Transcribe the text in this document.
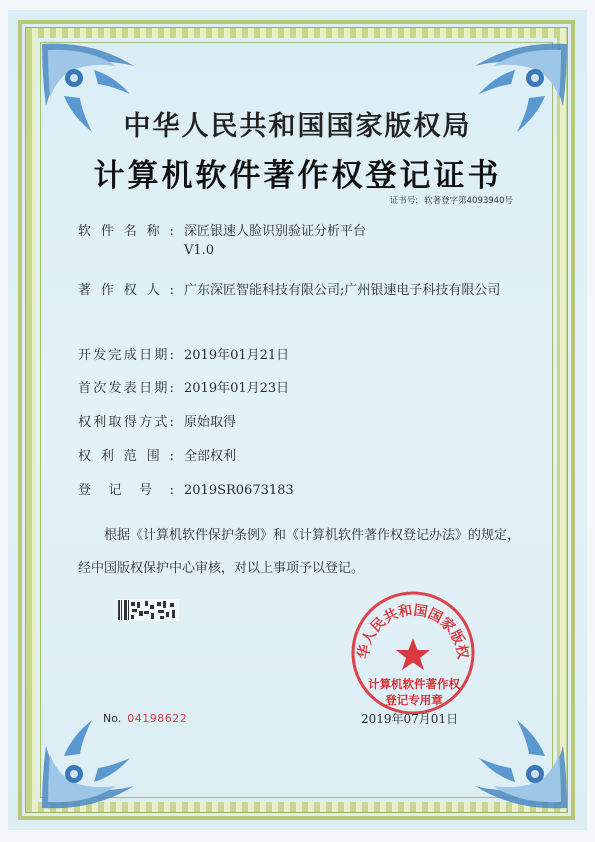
中华人民共和国国家版权局
计算机软件著作权登记证书
证书号: 软著登字第4093940号
软件名称: 深匠银速人脸识别验证分析平台 V1.0
著作权人: 广东深匠智能科技有限公司;广州银速电子科技有限公司
开发完成日期: 2019年01月21日
首次发表日期: 2019年01月23日
权利取得方式: 原始取得
权利范围: 全部权利
登记号: 2019SR0673183
根据《计算机软件保护条例》和《计算机软件著作权登记办法》的规定，经中国版权保护中心审核，对以上事项予以登记。
No. 04198622
华人民共和国国家版权
计算机软件著作权
登记专用章
2019年07月01日
